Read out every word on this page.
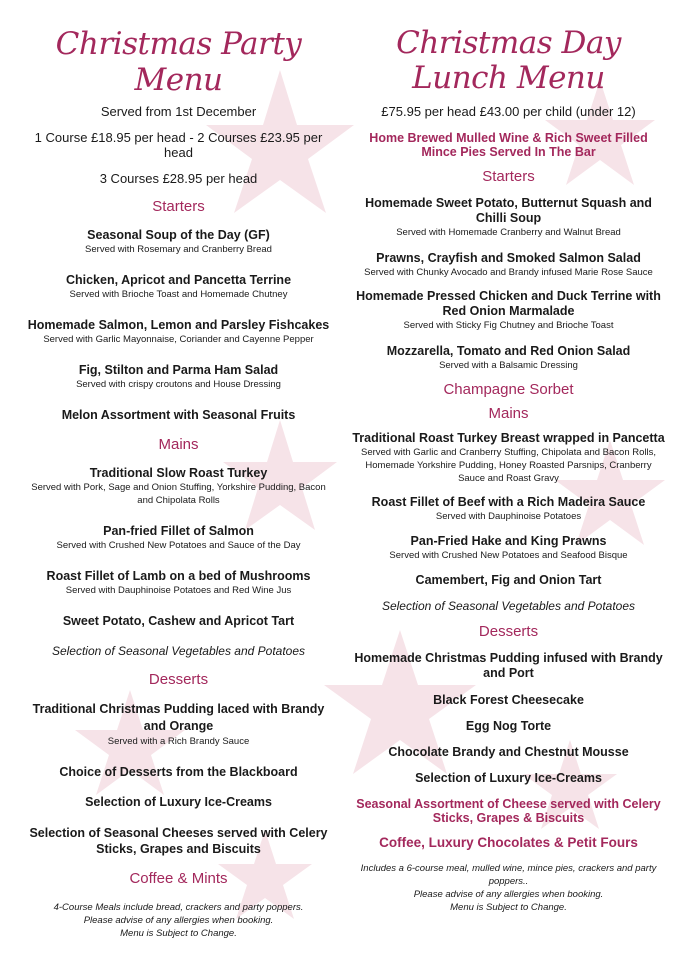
Christmas Party Menu

Served from 1st December

1 Course £18.95 per head - 2 Courses £23.95 per head

3 Courses £28.95 per head

Starters

Seasonal Soup of the Day (GF)

Served with Rosemary and Cranberry Bread

Chicken, Apricot and Pancetta Terrine

Served with Brioche Toast and Homemade Chutney

Homemade Salmon, Lemon and Parsley Fishcakes

Served with Garlic Mayonnaise, Coriander and Cayenne Pepper

Fig, Stilton and Parma Ham Salad

Served with crispy croutons and House Dressing

Melon Assortment with Seasonal Fruits

Mains

Traditional Slow Roast Turkey

Served with Pork, Sage and Onion Stuffing, Yorkshire Pudding, Bacon and Chipolata Rolls

Pan-fried Fillet of Salmon

Served with Crushed New Potatoes and Sauce of the Day

Roast Fillet of Lamb on a bed of Mushrooms

Served with Dauphinoise Potatoes and Red Wine Jus

Sweet Potato, Cashew and Apricot Tart

Selection of Seasonal Vegetables and Potatoes

Desserts

Traditional Christmas Pudding laced with Brandy and Orange

Served with a Rich Brandy Sauce

Choice of Desserts from the Blackboard

Selection of Luxury Ice-Creams

Selection of Seasonal Cheeses served with Celery Sticks, Grapes and Biscuits

Coffee & Mints

4-Course Meals include bread, crackers and party poppers.

Please advise of any allergies when booking.

Menu is Subject to Change.

Christmas Day
Lunch Menu

£75.95 per head £43.00 per child (under 12)

Home Brewed Mulled Wine & Rich Sweet Filled Mince Pies Served In The Bar

Starters

Homemade Sweet Potato, Butternut Squash and Chilli Soup

Served with Homemade Cranberry and Walnut Bread

Prawns, Crayfish and Smoked Salmon Salad

Served with Chunky Avocado and Brandy infused Marie Rose Sauce

Homemade Pressed Chicken and Duck Terrine with Red Onion Marmalade

Served with Sticky Fig Chutney and Brioche Toast

Mozzarella, Tomato and Red Onion Salad

Served with a Balsamic Dressing

Champagne Sorbet
Mains

Traditional Roast Turkey Breast wrapped in Pancetta

Served with Garlic and Cranberry Stuffing, Chipolata and Bacon Rolls, Homemade Yorkshire Pudding, Honey Roasted Parsnips, Cranberry Sauce and Roast Gravy

Roast Fillet of Beef with a Rich Madeira Sauce

Served with Dauphinoise Potatoes

Pan-Fried Hake and King Prawns

Served with Crushed New Potatoes and Seafood Bisque

Camembert, Fig and Onion Tart

Selection of Seasonal Vegetables and Potatoes

Desserts

Homemade Christmas Pudding infused with Brandy and Port

Black Forest Cheesecake

Egg Nog Torte

Chocolate Brandy and Chestnut Mousse

Selection of Luxury Ice-Creams

Seasonal Assortment of Cheese served with Celery Sticks, Grapes & Biscuits

Coffee, Luxury Chocolates & Petit Fours

Includes a 6-course meal, mulled wine, mince pies, crackers and party poppers..

Please advise of any allergies when booking.

Menu is Subject to Change.
